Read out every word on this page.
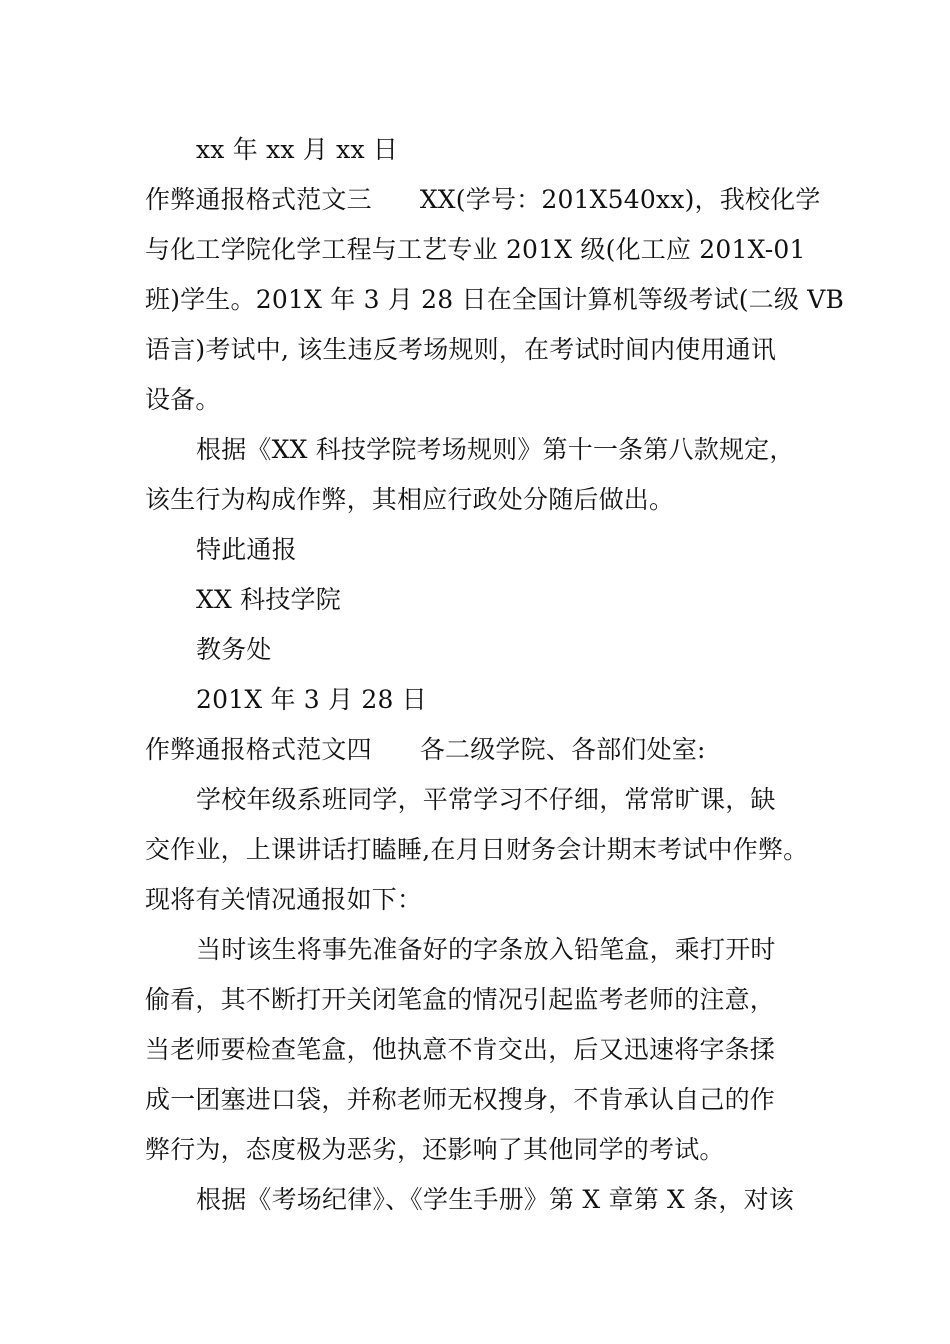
xx 年 xx 月 xx 日
作弊通报格式范文三 XX(学号：201X540xx)，我校化学
与化工学院化学工程与工艺专业 201X 级(化工应 201X-01
班)学生。201X 年 3 月 28 日在全国计算机等级考试(二级 VB
语言)考试中, 该生违反考场规则，在考试时间内使用通讯
设备。
根据《XX 科技学院考场规则》第十一条第八款规定，
该生行为构成作弊，其相应行政处分随后做出。
特此通报
XX 科技学院
教务处
201X 年 3 月 28 日
作弊通报格式范文四 各二级学院、各部们处室:
学校年级系班同学，平常学习不仔细，常常旷课，缺
交作业，上课讲话打瞌睡,在月日财务会计期末考试中作弊。
现将有关情况通报如下：
当时该生将事先准备好的字条放入铅笔盒，乘打开时
偷看，其不断打开关闭笔盒的情况引起监考老师的注意，
当老师要检查笔盒，他执意不肯交出，后又迅速将字条揉
成一团塞进口袋，并称老师无权搜身，不肯承认自己的作
弊行为，态度极为恶劣，还影响了其他同学的考试。
根据《考场纪律》、《学生手册》第 X 章第 X 条，对该
